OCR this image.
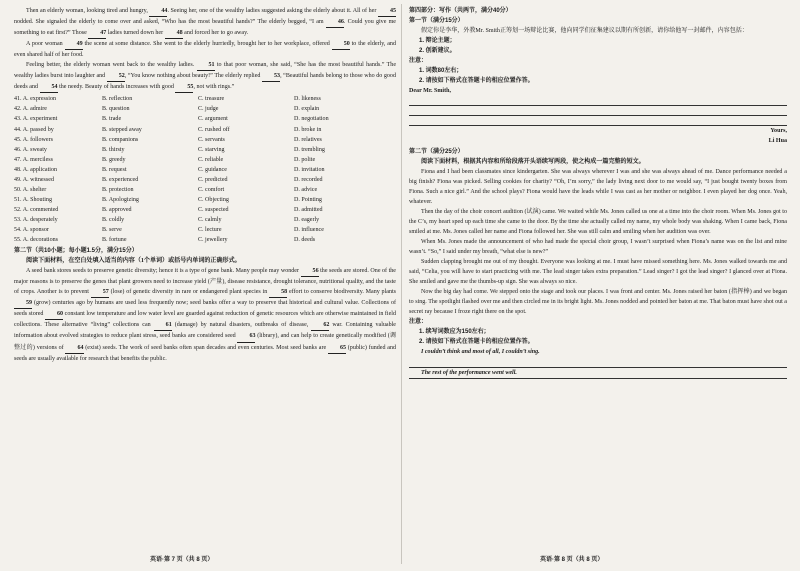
Then an elderly woman, looking tired and hungry, 44. Seeing her, one of the wealthy ladies suggested asking the elderly about it. All of her 45 nodded. She signaled the elderly to come over and asked, “Who has the most beautiful hands?” The elderly begged, “I am 46. Could you give me something to eat first?” Those 47 ladies turned down her 48 and forced her to go away.

A poor woman 49 the scene at some distance. She went to the elderly hurriedly, brought her to her workplace, offered 50 to the elderly, and even shared half of her food.

Feeling better, the elderly woman went back to the wealthy ladies. 51 to that poor woman, she said, “She has the most beautiful hands.” The wealthy ladies burst into laughter and 52, “You know nothing about beauty!” The elderly replied 53, “Beautiful hands belong to those who do good deeds and 54 the needy. Beauty of hands increases with good 55, not with rings.”

41. A. expression	B. reflection	C. treasure	D. likeness
42. A. admire	B. question	C. judge	D. explain
43. A. experiment	B. trade	C. argument	D. negotiation
44. A. passed by	B. stepped away	C. rushed off	D. broke in
45. A. followers	B. companions	C. servants	D. relatives
46. A. sweaty	B. thirsty	C. starving	D. trembling
47. A. merciless	B. greedy	C. reliable	D. polite
48. A. application	B. request	C. guidance	D. invitation
49. A. witnessed	B. experienced	C. predicted	D. recorded
50. A. shelter	B. protection	C. comfort	D. advice
51. A. Shouting	B. Apologizing	C. Objecting	D. Pointing
52. A. commented	B. approved	C. suspected	D. admitted
53. A. desperately	B. coldly	C. calmly	D. eagerly
54. A. sponsor	B. serve	C. lecture	D. influence
55. A. decorations	B. fortune	C. jewellery	D. deeds
第二节（共10小题；每小题1.5分，满分15分）

阅读下面材料，在空白处填入适当的内容（1个单词）或括号内单词的正确形式。

A seed bank stores seeds to preserve genetic diversity; hence it is a type of gene bank. Many people may wonder 56 the seeds are stored. One of the major reasons is to preserve the genes that plant growers need to increase yield (产量), disease resistance, drought tolerance, nutritional quality, and the taste of crops. Another is to prevent 57 (lose) of genetic diversity in rare or endangered plant species in 58 effort to conserve biodiversity. Many plants 59 (grow) centuries ago by humans are used less frequently now; seed banks offer a way to preserve that historical and cultural value. Collections of seeds stored 60 constant low temperature and low water level are guarded against reduction of genetic resources which are otherwise maintained in field collections. These alternative “living” collections can 61 (damage) by natural disasters, outbreaks of disease, 62 war. Containing valuable information about evolved strategies to reduce plant stress, seed banks are considered seed 63 (library), and can help to create genetically modified (调整过的) versions of 64 (exist) seeds. The work of seed banks often span decades and even centuries. Most seed banks are 65 (public) funded and seeds are usually available for research that benefits the public.

第四部分：写作（共两节，满分40分）
第一节（满分15分）

假定你是李华，外教Mr. Smith正筹划一场辩论比赛，他向同学们征集建议以期有所创新，请你给他写一封邮件，内容包括：

1. 辩论主题；
2. 创新建议。
注意：
1. 词数80左右；
2. 请按如下格式在答题卡的相应位置作答。
Dear Mr. Smith,
Yours,
Li Hua
第二节（满分25分）

阅读下面材料，根据其内容和所给段落开头语续写两段，使之构成一篇完整的短文。

Fiona and I had been classmates since kindergarten. She was always wherever I was and she was always ahead of me. Dance performance needed a big finish? Fiona was picked. Selling cookies for charity? “Oh, I’m sorry,” the lady living next door to me would say, “I just bought twenty boxes from Fiona. Such a nice girl.” And the school plays? Fiona would have the leads while I was cast as her mother or neighbor. I even played her dog once. Yeah, whatever.

Then the day of the choir concert audition (试演) came. We waited while Ms. Jones called us one at a time into the choir room. When Ms. Jones got to the C’s, my heart sped up each time she came to the door. By the time she actually called my name, my whole body was shaking. When I came back, Fiona smiled at me. Ms. Jones called her name and Fiona followed her. She was still calm and smiling when her audition was over.

When Ms. Jones made the announcement of who had made the special choir group, I wasn’t surprised when Fiona’s name was on the list and mine wasn’t. “So,” I said under my breath, “what else is new?”

Sudden clapping brought me out of my thought. Everyone was looking at me. I must have missed something here. Ms. Jones walked towards me and said, “Celia, you will have to start practicing with me. The lead singer takes extra preparation.” Lead singer? I got the lead singer? I glanced over at Fiona. She smiled and gave me the thumbs-up sign. She was always so nice.

Now the big day had come. We stepped onto the stage and took our places. I was front and center. Ms. Jones raised her baton (指挥棒) and we began to sing. The spotlight flashed over me and then circled me in its bright light. Ms. Jones nodded and pointed her baton at me. That baton must have shot out a secret ray because I froze right there on the spot.

注意：
1. 续写词数应为150左右；
2. 请按如下格式在答题卡的相应位置作答。
I couldn’t think and most of all, I couldn’t sing.
The rest of the performance went well.
英语·第 7 页（共 8 页）	英语·第 8 页（共 8 页）
